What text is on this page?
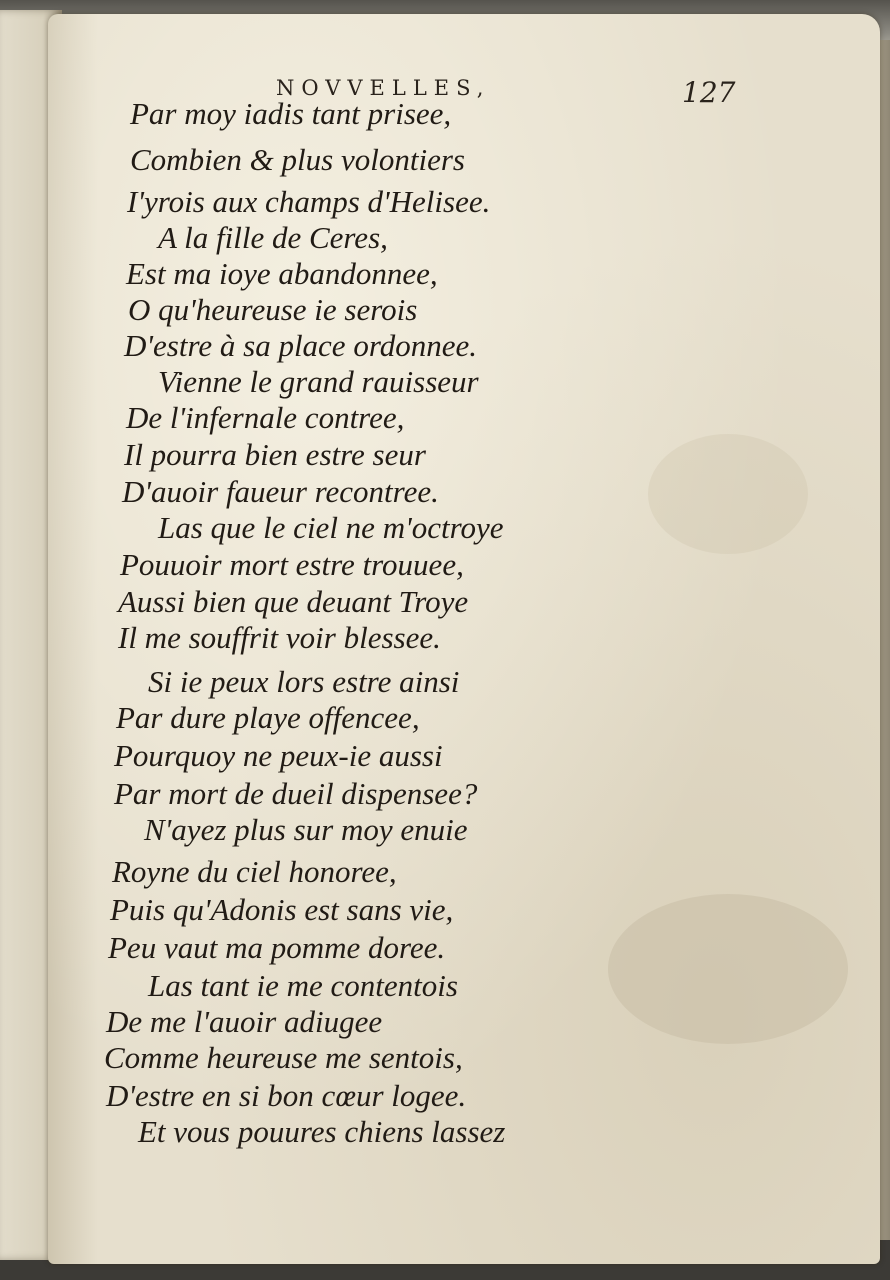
NOVVELLES,	127
Par moy iadis tant prisee,
Combien & plus volontiers
I'yrois aux champs d'Helisee.
A la fille de Ceres,
Est ma ioye abandonnee,
O qu'heureuse ie serois
D'estre à sa place ordonnee.
Vienne le grand rauisseur
De l'infernale contree,
Il pourra bien estre seur
D'auoir faueur recontree.
Las que le ciel ne m'octroye
Pouuoir mort estre trouuee,
Aussi bien que deuant Troye
Il me souffrit voir blessee.
Si ie peux lors estre ainsi
Par dure playe offencee,
Pourquoy ne peux-ie aussi
Par mort de dueil dispensee?
N'ayez plus sur moy enuie
Royne du ciel honoree,
Puis qu'Adonis est sans vie,
Peu vaut ma pomme doree.
Las tant ie me contentois
De me l'auoir adiugee
Comme heureuse me sentois,
D'estre en si bon cœur logee.
Et vous pouures chiens lassez
